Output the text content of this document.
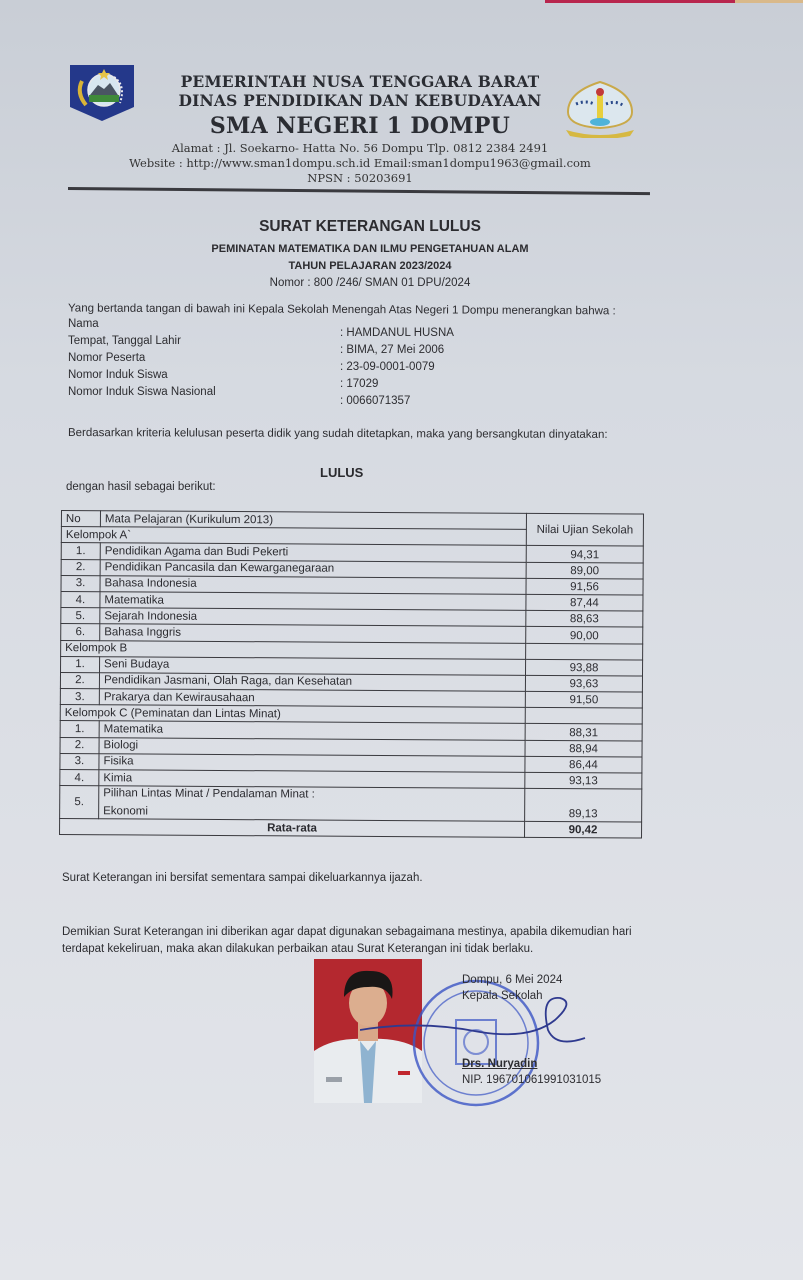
PEMERINTAH NUSA TENGGARA BARAT
DINAS PENDIDIKAN DAN KEBUDAYAAN
SMA NEGERI 1 DOMPU
Alamat : Jl. Soekarno- Hatta No. 56 Dompu Tlp. 0812 2384 2491
Website : http://www.sman1dompu.sch.id Email:sman1dompu1963@gmail.com
NPSN : 50203691
SURAT KETERANGAN LULUS
PEMINATAN MATEMATIKA DAN ILMU PENGETAHUAN ALAM
TAHUN PELAJARAN 2023/2024
Nomor : 800 /246/ SMAN 01 DPU/2024
Yang bertanda tangan di bawah ini Kepala Sekolah Menengah Atas Negeri 1 Dompu menerangkan bahwa :
Nama
: HAMDANUL HUSNA
Tempat, Tanggal Lahir
: BIMA, 27 Mei 2006
Nomor Peserta
: 23-09-0001-0079
Nomor Induk Siswa
: 17029
Nomor Induk Siswa Nasional
: 0066071357
Berdasarkan kriteria kelulusan peserta didik yang sudah ditetapkan, maka yang bersangkutan dinyatakan:
LULUS
dengan hasil sebagai berikut:
No	Mata Pelajaran (Kurikulum 2013)	Nilai Ujian Sekolah
Kelompok A`		
1.	Pendidikan Agama dan Budi Pekerti	94,31
2.	Pendidikan Pancasila dan Kewarganegaraan	89,00
3.	Bahasa Indonesia	91,56
4.	Matematika	87,44
5.	Sejarah Indonesia	88,63
6.	Bahasa Inggris	90,00
Kelompok B		
1.	Seni Budaya	93,88
2.	Pendidikan Jasmani, Olah Raga, dan Kesehatan	93,63
3.	Prakarya dan Kewirausahaan	91,50
Kelompok C (Peminatan dan Lintas Minat)		
1.	Matematika	88,31
2.	Biologi	88,94
3.	Fisika	86,44
4.	Kimia	93,13
5.	Pilihan Lintas Minat / Pendalaman Minat :
Ekonomi	89,13
Rata-rata		90,42
Surat Keterangan ini bersifat sementara sampai dikeluarkannya ijazah.
Demikian Surat Keterangan ini diberikan agar dapat digunakan sebagaimana mestinya, apabila dikemudian hari terdapat kekeliruan, maka akan dilakukan perbaikan atau Surat Keterangan ini tidak berlaku.
Dompu, 6 Mei 2024
Kepala Sekolah
Drs. Nuryadin
NIP. 196701061991031015
